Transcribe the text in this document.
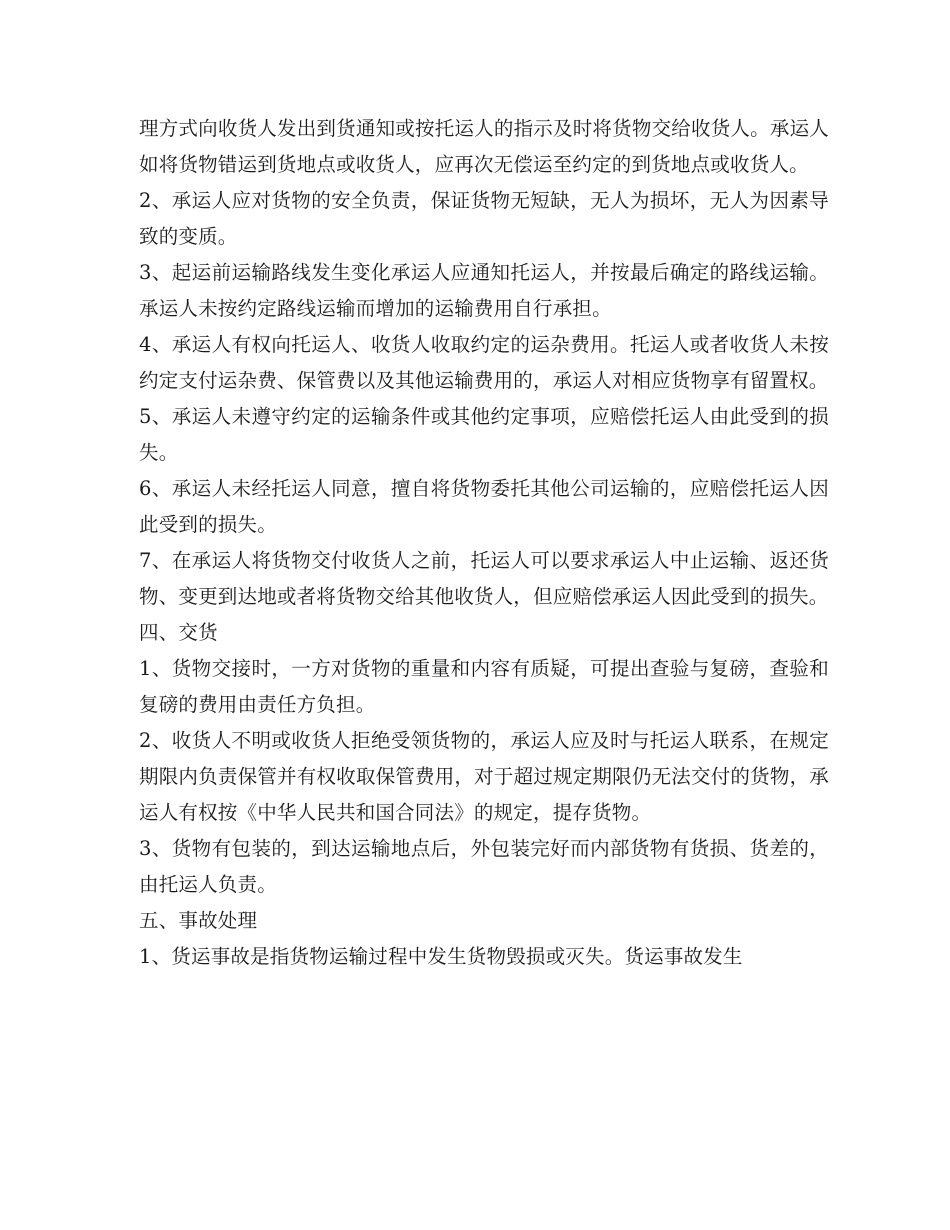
理方式向收货人发出到货通知或按托运人的指示及时将货物交给收货人。承运人如将货物错运到货地点或收货人，应再次无偿运至约定的到货地点或收货人。

2、承运人应对货物的安全负责，保证货物无短缺，无人为损坏，无人为因素导致的变质。

3、起运前运输路线发生变化承运人应通知托运人，并按最后确定的路线运输。承运人未按约定路线运输而增加的运输费用自行承担。

4、承运人有权向托运人、收货人收取约定的运杂费用。托运人或者收货人未按约定支付运杂费、保管费以及其他运输费用的，承运人对相应货物享有留置权。

5、承运人未遵守约定的运输条件或其他约定事项，应赔偿托运人由此受到的损失。

6、承运人未经托运人同意，擅自将货物委托其他公司运输的，应赔偿托运人因此受到的损失。

7、在承运人将货物交付收货人之前，托运人可以要求承运人中止运输、返还货物、变更到达地或者将货物交给其他收货人，但应赔偿承运人因此受到的损失。

四、交货

1、货物交接时，一方对货物的重量和内容有质疑，可提出查验与复磅，查验和复磅的费用由责任方负担。

2、收货人不明或收货人拒绝受领货物的，承运人应及时与托运人联系，在规定期限内负责保管并有权收取保管费用，对于超过规定期限仍无法交付的货物，承运人有权按《中华人民共和国合同法》的规定，提存货物。

3、货物有包装的，到达运输地点后，外包装完好而内部货物有货损、货差的，由托运人负责。

五、事故处理

1、货运事故是指货物运输过程中发生货物毁损或灭失。货运事故发生
